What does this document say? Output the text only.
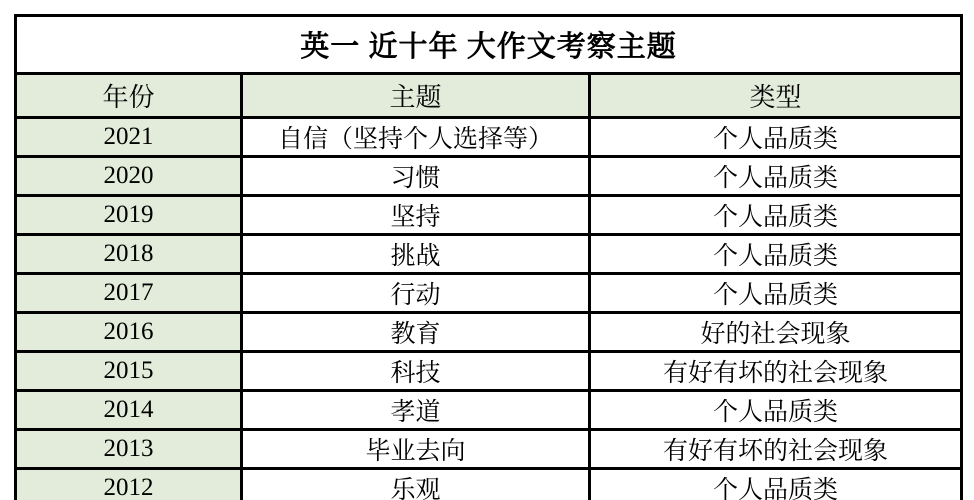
英一 近十年 大作文考察主题		
年份	主题	类型
2021	自信（坚持个人选择等）	个人品质类
2020	习惯	个人品质类
2019	坚持	个人品质类
2018	挑战	个人品质类
2017	行动	个人品质类
2016	教育	好的社会现象
2015	科技	有好有坏的社会现象
2014	孝道	个人品质类
2013	毕业去向	有好有坏的社会现象
2012	乐观	个人品质类
